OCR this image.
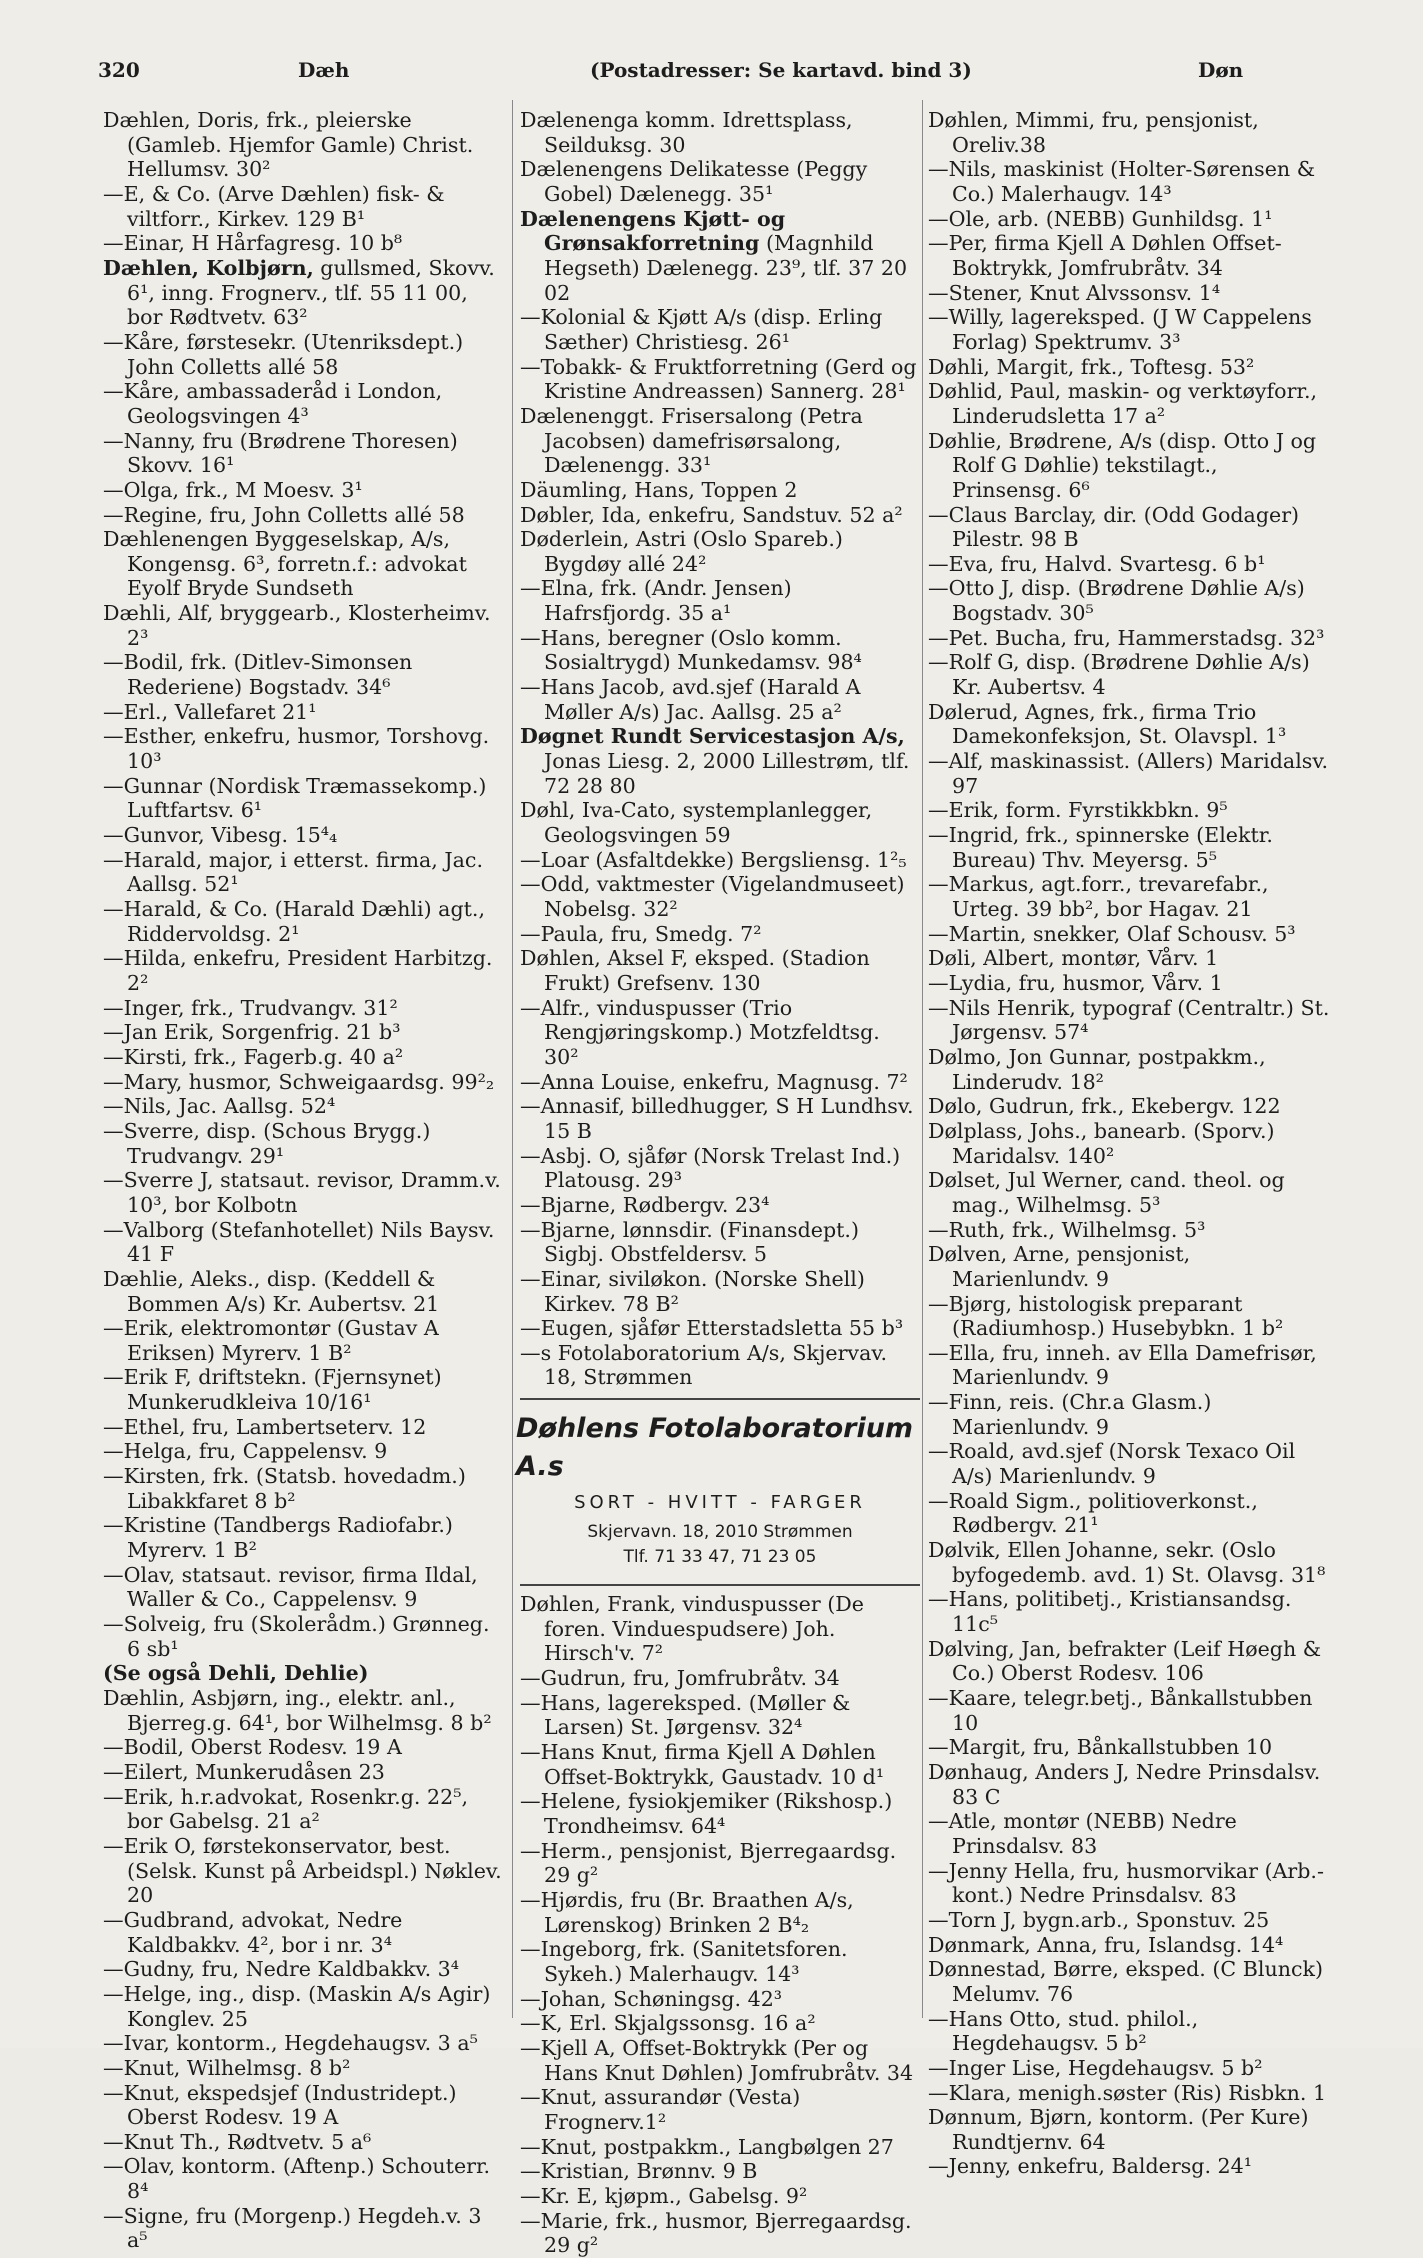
320	Dæh	(Postadresser: Se kartavd. bind 3)	Døn

Dæhlen, Doris, frk., pleierske (Gamleb. Hjemfor Gamle) Christ. Hellumsv. 30²

—E, & Co. (Arve Dæhlen) fisk- & viltforr., Kirkev. 129 B¹

—Einar, H Hårfagresg. 10 b⁸

Dæhlen, Kolbjørn, gullsmed, Skovv. 6¹, inng. Frognerv., tlf. 55 11 00, bor Rødtvetv. 63²

—Kåre, førstesekr. (Utenriksdept.) John Colletts allé 58

—Kåre, ambassaderåd i London, Geologsvingen 4³

—Nanny, fru (Brødrene Thoresen) Skovv. 16¹

—Olga, frk., M Moesv. 3¹

—Regine, fru, John Colletts allé 58

Dæhlenengen Byggeselskap, A/s, Kongensg. 6³, forretn.f.: advokat Eyolf Bryde Sundseth

Dæhli, Alf, bryggearb., Klosterheimv. 2³

—Bodil, frk. (Ditlev-Simonsen Rederiene) Bogstadv. 34⁶

—Erl., Vallefaret 21¹

—Esther, enkefru, husmor, Torshovg. 10³

—Gunnar (Nordisk Træmassekomp.) Luftfartsv. 6¹

—Gunvor, Vibesg. 15⁴₄

—Harald, major, i etterst. firma, Jac. Aallsg. 52¹

—Harald, & Co. (Harald Dæhli) agt., Riddervoldsg. 2¹

—Hilda, enkefru, President Harbitzg. 2²

—Inger, frk., Trudvangv. 31²

—Jan Erik, Sorgenfrig. 21 b³

—Kirsti, frk., Fagerb.g. 40 a²

—Mary, husmor, Schweigaardsg. 99²₂

—Nils, Jac. Aallsg. 52⁴

—Sverre, disp. (Schous Brygg.) Trudvangv. 29¹

—Sverre J, statsaut. revisor, Dramm.v. 10³, bor Kolbotn

—Valborg (Stefanhotellet) Nils Baysv. 41 F

Dæhlie, Aleks., disp. (Keddell & Bommen A/s) Kr. Aubertsv. 21

—Erik, elektromontør (Gustav A Eriksen) Myrerv. 1 B²

—Erik F, driftstekn. (Fjernsynet) Munkerudkleiva 10/16¹

—Ethel, fru, Lambertseterv. 12

—Helga, fru, Cappelensv. 9

—Kirsten, frk. (Statsb. hovedadm.) Libakkfaret 8 b²

—Kristine (Tandbergs Radiofabr.) Myrerv. 1 B²

—Olav, statsaut. revisor, firma Ildal, Waller & Co., Cappelensv. 9

—Solveig, fru (Skolerådm.) Grønneg. 6 sb¹

(Se også Dehli, Dehlie)

Dæhlin, Asbjørn, ing., elektr. anl., Bjerreg.g. 64¹, bor Wilhelmsg. 8 b²

—Bodil, Oberst Rodesv. 19 A

—Eilert, Munkerudåsen 23

—Erik, h.r.advokat, Rosenkr.g. 22⁵, bor Gabelsg. 21 a²

—Erik O, førstekonservator, best. (Selsk. Kunst på Arbeidspl.) Nøklev. 20

—Gudbrand, advokat, Nedre Kaldbakkv. 4², bor i nr. 3⁴

—Gudny, fru, Nedre Kaldbakkv. 3⁴

—Helge, ing., disp. (Maskin A/s Agir) Konglev. 25

—Ivar, kontorm., Hegdehaugsv. 3 a⁵

—Knut, Wilhelmsg. 8 b²

—Knut, ekspedsjef (Industridept.) Oberst Rodesv. 19 A

—Knut Th., Rødtvetv. 5 a⁶

—Olav, kontorm. (Aftenp.) Schouterr. 8⁴

—Signe, fru (Morgenp.) Hegdeh.v. 3 a⁵

Dælenenga komm. Idrettsplass, Seilduksg. 30

Dælenengens Delikatesse (Peggy Gobel) Dælenegg. 35¹

Dælenengens Kjøtt- og Grønsakforretning (Magnhild Hegseth) Dælenegg. 23⁹, tlf. 37 20 02

—Kolonial & Kjøtt A/s (disp. Erling Sæther) Christiesg. 26¹

—Tobakk- & Fruktforretning (Gerd og Kristine Andreassen) Sannerg. 28¹

Dælenenggt. Frisersalong (Petra Jacobsen) damefrisørsalong, Dælenengg. 33¹

Däumling, Hans, Toppen 2

Døbler, Ida, enkefru, Sandstuv. 52 a²

Døderlein, Astri (Oslo Spareb.) Bygdøy allé 24²

—Elna, frk. (Andr. Jensen) Hafrsfjordg. 35 a¹

—Hans, beregner (Oslo komm. Sosialtrygd) Munkedamsv. 98⁴

—Hans Jacob, avd.sjef (Harald A Møller A/s) Jac. Aallsg. 25 a²

Døgnet Rundt Servicestasjon A/s, Jonas Liesg. 2, 2000 Lillestrøm, tlf. 72 28 80

Døhl, Iva-Cato, systemplanlegger, Geologsvingen 59

—Loar (Asfaltdekke) Bergsliensg. 1²₅

—Odd, vaktmester (Vigelandmuseet) Nobelsg. 32²

—Paula, fru, Smedg. 7²

Døhlen, Aksel F, eksped. (Stadion Frukt) Grefsenv. 130

—Alfr., vinduspusser (Trio Rengjøringskomp.) Motzfeldtsg. 30²

—Anna Louise, enkefru, Magnusg. 7²

—Annasif, billedhugger, S H Lundhsv. 15 B

—Asbj. O, sjåfør (Norsk Trelast Ind.) Platousg. 29³

—Bjarne, Rødbergv. 23⁴

—Bjarne, lønnsdir. (Finansdept.) Sigbj. Obstfeldersv. 5

—Einar, siviløkon. (Norske Shell) Kirkev. 78 B²

—Eugen, sjåfør Etterstadsletta 55 b³

—s Fotolaboratorium A/s, Skjervav. 18, Strømmen

Døhlens Fotolaboratorium A.s
SORT - HVITT - FARGER
Skjervavn. 18, 2010 Strømmen
Tlf. 71 33 47, 71 23 05

Døhlen, Frank, vinduspusser (De foren. Vinduespudsere) Joh. Hirsch'v. 7²

—Gudrun, fru, Jomfrubråtv. 34

—Hans, lagereksped. (Møller & Larsen) St. Jørgensv. 32⁴

—Hans Knut, firma Kjell A Døhlen Offset-Boktrykk, Gaustadv. 10 d¹

—Helene, fysiokjemiker (Rikshosp.) Trondheimsv. 64⁴

—Herm., pensjonist, Bjerregaardsg. 29 g²

—Hjørdis, fru (Br. Braathen A/s, Lørenskog) Brinken 2 B⁴₂

—Ingeborg, frk. (Sanitetsforen. Sykeh.) Malerhaugv. 14³

—Johan, Schøningsg. 42³

—K, Erl. Skjalgssonsg. 16 a²

—Kjell A, Offset-Boktrykk (Per og Hans Knut Døhlen) Jomfrubråtv. 34

—Knut, assurandør (Vesta) Frognerv.1²

—Knut, postpakkm., Langbølgen 27

—Kristian, Brønnv. 9 B

—Kr. E, kjøpm., Gabelsg. 9²

—Marie, frk., husmor, Bjerregaardsg. 29 g²

Døhlen, Mimmi, fru, pensjonist, Oreliv.38

—Nils, maskinist (Holter-Sørensen & Co.) Malerhaugv. 14³

—Ole, arb. (NEBB) Gunhildsg. 1¹

—Per, firma Kjell A Døhlen Offset-Boktrykk, Jomfrubråtv. 34

—Stener, Knut Alvssonsv. 1⁴

—Willy, lagereksped. (J W Cappelens Forlag) Spektrumv. 3³

Døhli, Margit, frk., Toftesg. 53²

Døhlid, Paul, maskin- og verktøyforr., Linderudsletta 17 a²

Døhlie, Brødrene, A/s (disp. Otto J og Rolf G Døhlie) tekstilagt., Prinsensg. 6⁶

—Claus Barclay, dir. (Odd Godager) Pilestr. 98 B

—Eva, fru, Halvd. Svartesg. 6 b¹

—Otto J, disp. (Brødrene Døhlie A/s) Bogstadv. 30⁵

—Pet. Bucha, fru, Hammerstadsg. 32³

—Rolf G, disp. (Brødrene Døhlie A/s) Kr. Aubertsv. 4

Dølerud, Agnes, frk., firma Trio Damekonfeksjon, St. Olavspl. 1³

—Alf, maskinassist. (Allers) Maridalsv. 97

—Erik, form. Fyrstikkbkn. 9⁵

—Ingrid, frk., spinnerske (Elektr. Bureau) Thv. Meyersg. 5⁵

—Markus, agt.forr., trevarefabr., Urteg. 39 bb², bor Hagav. 21

—Martin, snekker, Olaf Schousv. 5³

Døli, Albert, montør, Vårv. 1

—Lydia, fru, husmor, Vårv. 1

—Nils Henrik, typograf (Centraltr.) St. Jørgensv. 57⁴

Dølmo, Jon Gunnar, postpakkm., Linderudv. 18²

Dølo, Gudrun, frk., Ekebergv. 122

Dølplass, Johs., banearb. (Sporv.) Maridalsv. 140²

Dølset, Jul Werner, cand. theol. og mag., Wilhelmsg. 5³

—Ruth, frk., Wilhelmsg. 5³

Dølven, Arne, pensjonist, Marienlundv. 9

—Bjørg, histologisk preparant (Radiumhosp.) Husebybkn. 1 b²

—Ella, fru, inneh. av Ella Damefrisør, Marienlundv. 9

—Finn, reis. (Chr.a Glasm.) Marienlundv. 9

—Roald, avd.sjef (Norsk Texaco Oil A/s) Marienlundv. 9

—Roald Sigm., politioverkonst., Rødbergv. 21¹

Dølvik, Ellen Johanne, sekr. (Oslo byfogedemb. avd. 1) St. Olavsg. 31⁸

—Hans, politibetj., Kristiansandsg. 11c⁵

Dølving, Jan, befrakter (Leif Høegh & Co.) Oberst Rodesv. 106

—Kaare, telegr.betj., Bånkallstubben 10

—Margit, fru, Bånkallstubben 10

Dønhaug, Anders J, Nedre Prinsdalsv. 83 C

—Atle, montør (NEBB) Nedre Prinsdalsv. 83

—Jenny Hella, fru, husmorvikar (Arb.-kont.) Nedre Prinsdalsv. 83

—Torn J, bygn.arb., Sponstuv. 25

Dønmark, Anna, fru, Islandsg. 14⁴

Dønnestad, Børre, eksped. (C Blunck) Melumv. 76

—Hans Otto, stud. philol., Hegdehaugsv. 5 b²

—Inger Lise, Hegdehaugsv. 5 b²

—Klara, menigh.søster (Ris) Risbkn. 1

Dønnum, Bjørn, kontorm. (Per Kure) Rundtjernv. 64

—Jenny, enkefru, Baldersg. 24¹
